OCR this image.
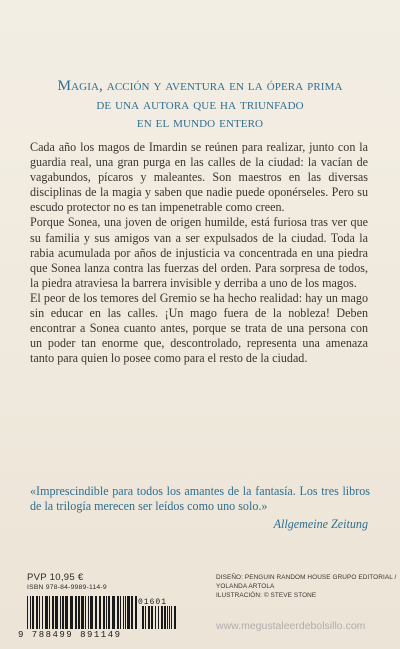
Magia, acción y aventura en la ópera prima
de una autora que ha triunfado
en el mundo entero

Cada año los magos de Imardin se reúnen para realizar, junto con la guardia real, una gran purga en las calles de la ciudad: la vacían de vagabundos, pícaros y maleantes. Son maestros en las diversas disciplinas de la magia y saben que nadie puede oponérseles. Pero su escudo protector no es tan impenetrable como creen.

Porque Sonea, una joven de origen humilde, está furiosa tras ver que su familia y sus amigos van a ser expulsados de la ciudad. Toda la rabia acumulada por años de injusticia va concentrada en una piedra que Sonea lanza contra las fuerzas del orden. Para sorpresa de todos, la piedra atraviesa la barrera invisible y derriba a uno de los magos.

El peor de los temores del Gremio se ha hecho realidad: hay un mago sin educar en las calles. ¡Un mago fuera de la nobleza! Deben encontrar a Sonea cuanto antes, porque se trata de una persona con un poder tan enorme que, descontrolado, representa una amenaza tanto para quien lo posee como para el resto de la ciudad.

«Imprescindible para todos los amantes de la fantasía. Los tres libros de la trilogía merecen ser leídos como uno solo.»
Allgemeine Zeitung
PVP 10,95 €
ISBN 978-84-9989-114-9
9 788499 891149
01601
DISEÑO: PENGUIN RANDOM HOUSE GRUPO EDITORIAL /
YOLANDA ARTOLA
ILUSTRACIÓN: © STEVE STONE
www.megustaleerdebolsillo.com
